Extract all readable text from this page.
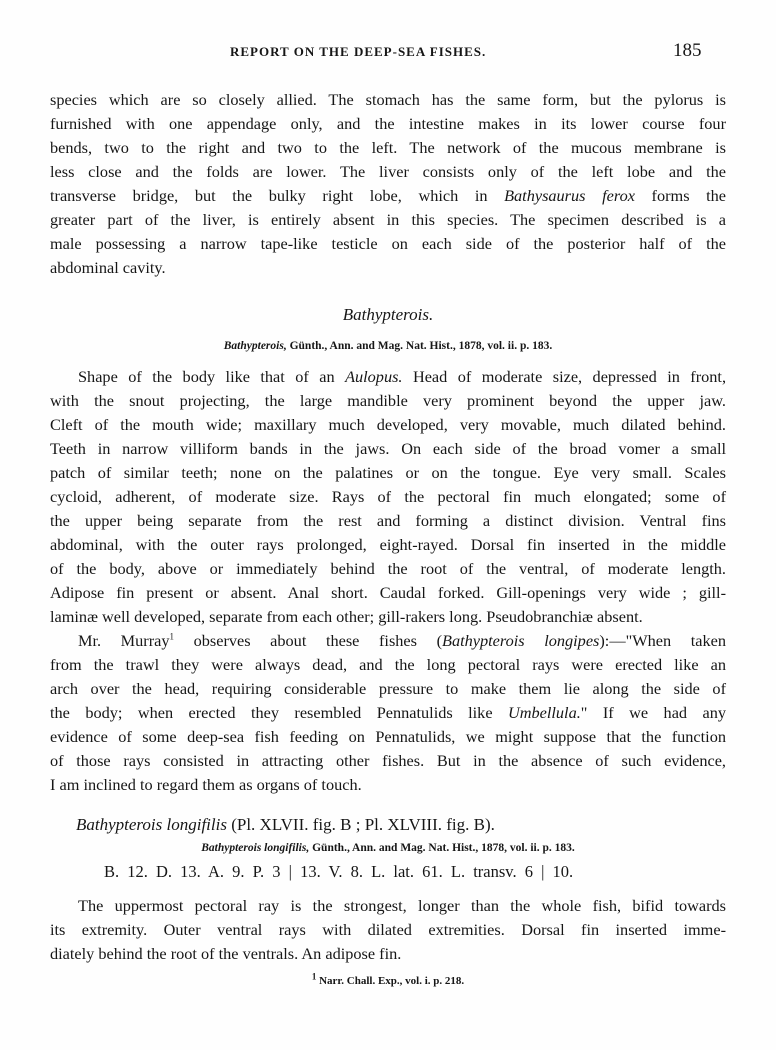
REPORT ON THE DEEP-SEA FISHES.	185
species which are so closely allied. The stomach has the same form, but the pylorus is
furnished with one appendage only, and the intestine makes in its lower course four
bends, two to the right and two to the left. The network of the mucous membrane is
less close and the folds are lower. The liver consists only of the left lobe and the
transverse bridge, but the bulky right lobe, which in Bathysaurus ferox forms the
greater part of the liver, is entirely absent in this species. The specimen described is a
male possessing a narrow tape-like testicle on each side of the posterior half of the
abdominal cavity.
Bathypterois.
Bathypterois, Günth., Ann. and Mag. Nat. Hist., 1878, vol. ii. p. 183.
Shape of the body like that of an Aulopus. Head of moderate size, depressed in front,
with the snout projecting, the large mandible very prominent beyond the upper jaw.
Cleft of the mouth wide; maxillary much developed, very movable, much dilated behind.
Teeth in narrow villiform bands in the jaws. On each side of the broad vomer a small
patch of similar teeth; none on the palatines or on the tongue. Eye very small. Scales
cycloid, adherent, of moderate size. Rays of the pectoral fin much elongated; some of
the upper being separate from the rest and forming a distinct division. Ventral fins
abdominal, with the outer rays prolonged, eight-rayed. Dorsal fin inserted in the middle
of the body, above or immediately behind the root of the ventral, of moderate length.
Adipose fin present or absent. Anal short. Caudal forked. Gill-openings very wide ; gill-
laminæ well developed, separate from each other; gill-rakers long. Pseudobranchiæ absent.
Mr. Murray$^1$ observes about these fishes (Bathypterois longipes):—"When taken
from the trawl they were always dead, and the long pectoral rays were erected like an
arch over the head, requiring considerable pressure to make them lie along the side of
the body; when erected they resembled Pennatulids like Umbellula." If we had any
evidence of some deep-sea fish feeding on Pennatulids, we might suppose that the function
of those rays consisted in attracting other fishes. But in the absence of such evidence,
I am inclined to regard them as organs of touch.
Bathypterois longifilis (Pl. XLVII. fig. B ; Pl. XLVIII. fig. B).
Bathypterois longifilis, Günth., Ann. and Mag. Nat. Hist., 1878, vol. ii. p. 183.
B. 12. D. 13. A. 9. P. 3 | 13. V. 8. L. lat. 61. L. transv. 6 | 10.
The uppermost pectoral ray is the strongest, longer than the whole fish, bifid towards
its extremity. Outer ventral rays with dilated extremities. Dorsal fin inserted imme-
diately behind the root of the ventrals. An adipose fin.
$^1$ Narr. Chall. Exp., vol. i. p. 218.
